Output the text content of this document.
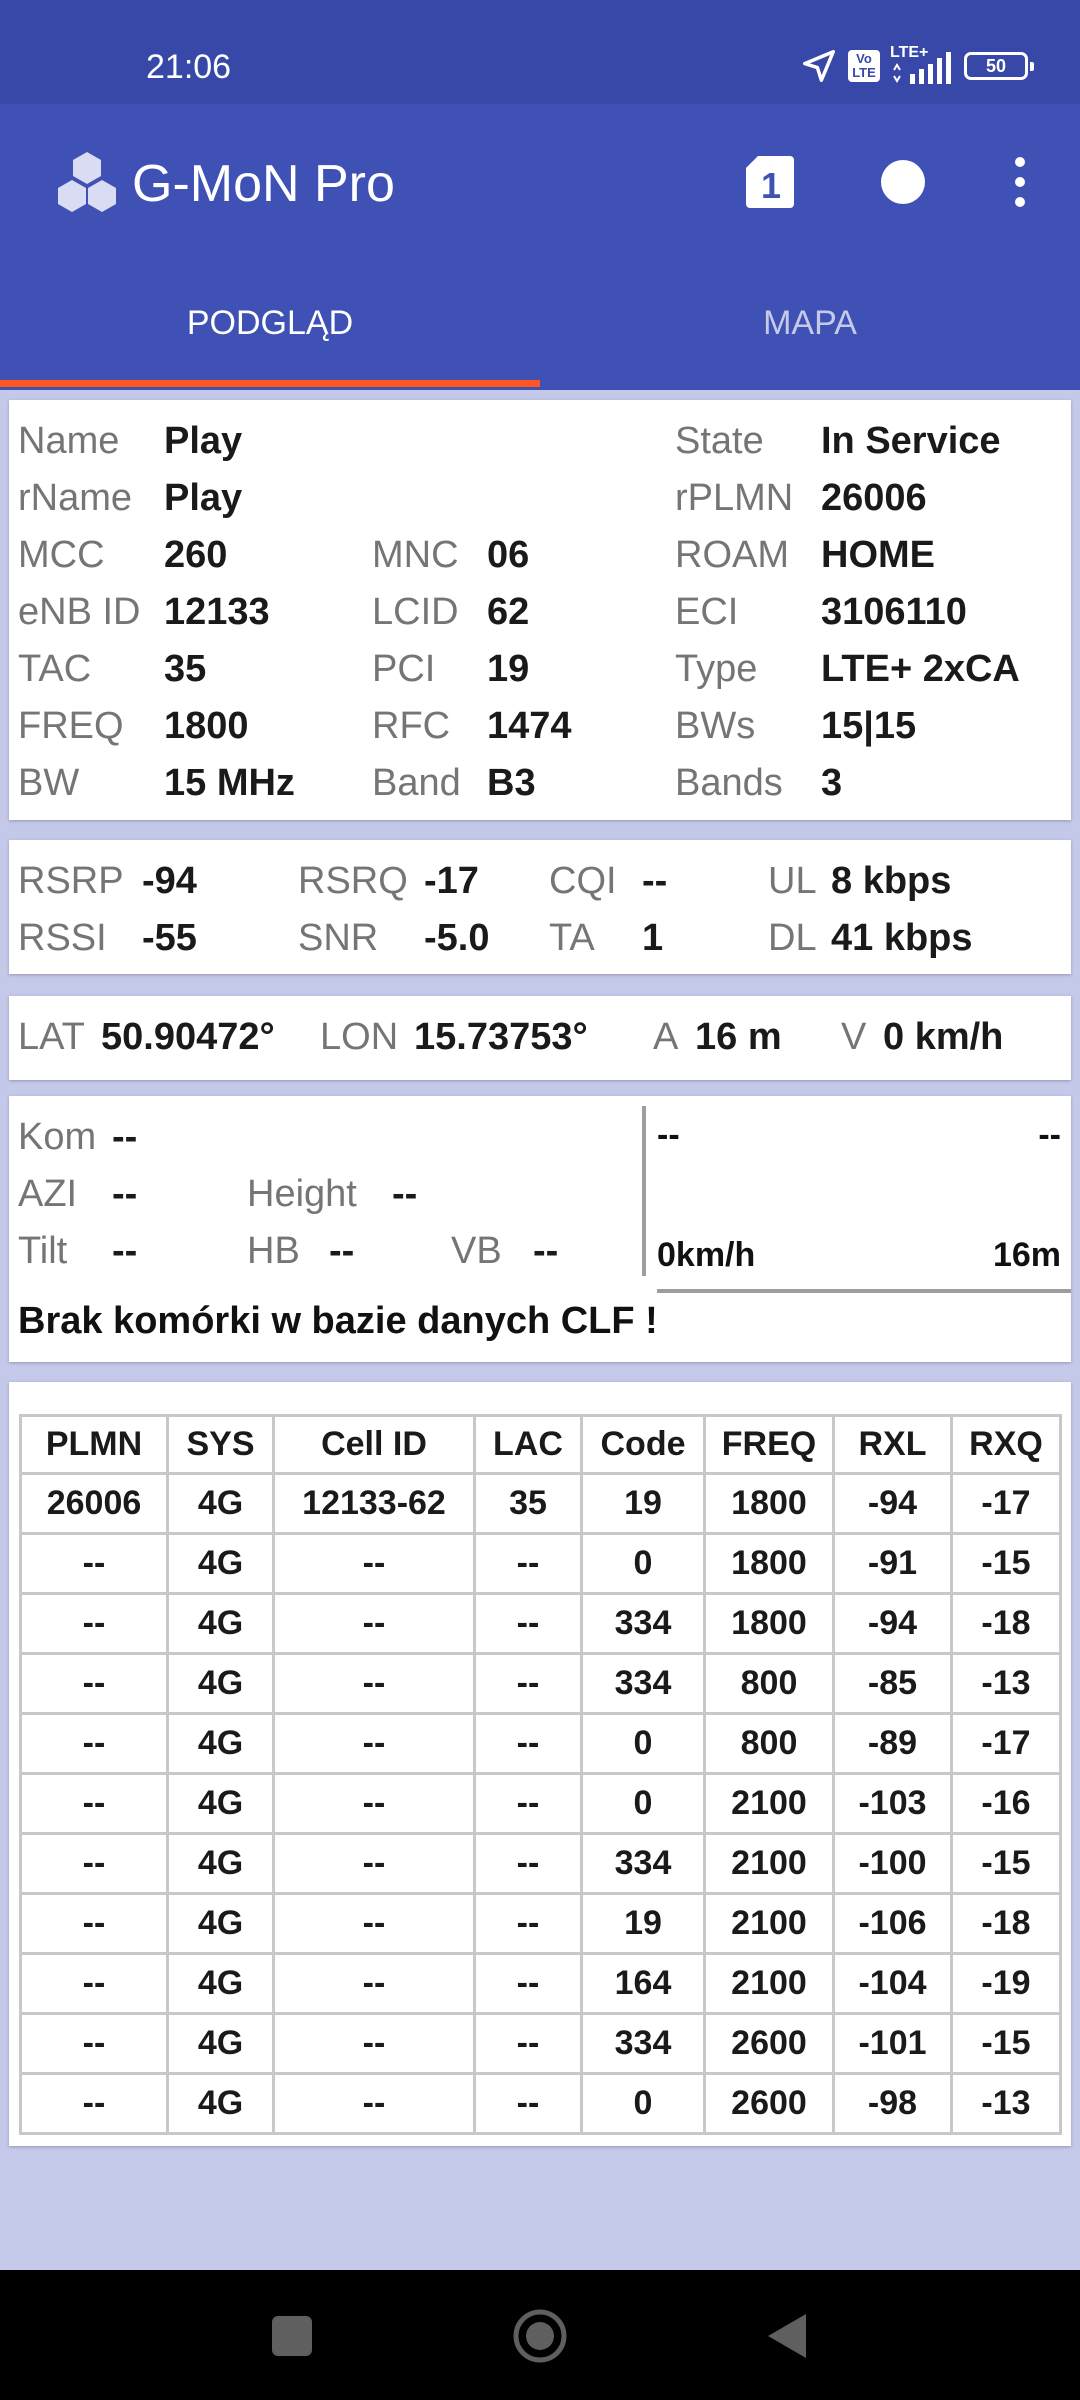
21:06	Vo LTE
LTE+
50
G-MoN Pro	1
PODGLĄD	MAPA
Name Play	State In Service
rName Play	rPLMN 26006
MCC 260	MNC 06	ROAM HOME
eNB ID 12133	LCID 62	ECI 3106110
TAC 35	PCI 19	Type LTE+ 2xCA
FREQ 1800	RFC 1474	BWs 15|15
BW 15 MHz Band B3	Bands 3
RSRP -94	RSRQ -17 CQI --	UL 8 kbps
RSSI -55	SNR -5.0 TA 1	DL 41 kbps
LAT 50.90472° LON 15.73753° A 16 m V 0 km/h
Kom --
AZI --	Height --
Tilt --	HB --	VB --
--	--
0km/h	16m
Brak komórki w bazie danych CLF !
PLMN	SYS	Cell ID	LAC	Code	FREQ	RXL	RXQ
26006	4G	12133-62	35	19	1800	-94	-17
--	4G	--	--	0	1800	-91	-15
--	4G	--	--	334	1800	-94	-18
--	4G	--	--	334	800	-85	-13
--	4G	--	--	0	800	-89	-17
--	4G	--	--	0	2100	-103	-16
--	4G	--	--	334	2100	-100	-15
--	4G	--	--	19	2100	-106	-18
--	4G	--	--	164	2100	-104	-19
--	4G	--	--	334	2600	-101	-15
--	4G	--	--	0	2600	-98	-13
